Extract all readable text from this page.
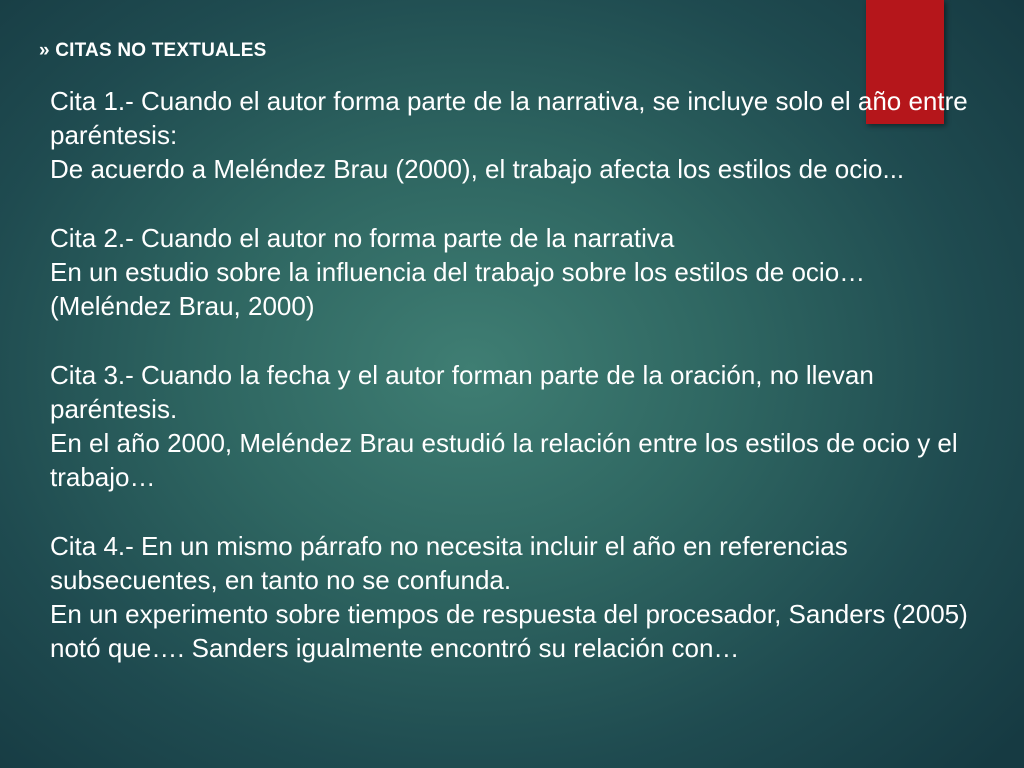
» CITAS NO TEXTUALES

Cita 1.- Cuando el autor forma parte de la narrativa, se incluye solo el año entre paréntesis:

De acuerdo a Meléndez Brau (2000), el trabajo afecta los estilos de ocio...

Cita 2.- Cuando el autor no forma parte de la narrativa

En un estudio sobre la influencia del trabajo sobre los estilos de ocio… (Meléndez Brau, 2000)

Cita 3.- Cuando la fecha y el autor forman parte de la oración, no llevan paréntesis.

En el año 2000, Meléndez Brau estudió la relación entre los estilos de ocio y el trabajo…

Cita 4.- En un mismo párrafo no necesita incluir el año en referencias subsecuentes, en tanto no se confunda.

En un experimento sobre tiempos de respuesta del procesador, Sanders (2005) notó que…. Sanders igualmente encontró su relación con…
